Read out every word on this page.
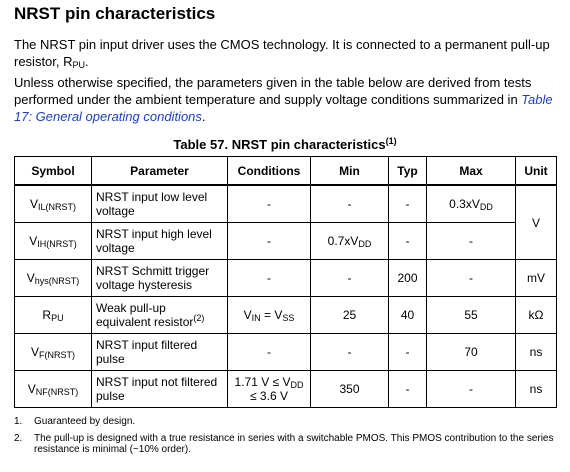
NRST pin characteristics

The NRST pin input driver uses the CMOS technology. It is connected to a permanent pull-up resistor, $R_{PU}$.

Unless otherwise specified, the parameters given in the table below are derived from tests performed under the ambient temperature and supply voltage conditions summarized in Table 17: General operating conditions.

Table 57. NRST pin characteristics$^{(1)}$
Symbol	Parameter	Conditions	Min	Typ	Max	Unit
$V_{IL(NRST)}$	NRST input low level voltage	-	-	-	$0.3xV_{DD}$	V
$V_{IH(NRST)}$	NRST input high level voltage	-	$0.7xV_{DD}$	-	-	
$V_{hys(NRST)}$	NRST Schmitt trigger voltage hysteresis	-	-	200	-	mV
$R_{PU}$	Weak pull-up equivalent resistor$^{(2)}$	$V_{IN} = V_{SS}$	25	40	55	kΩ
$V_{F(NRST)}$	NRST input filtered pulse	-	-	-	70	ns
$V_{NF(NRST)}$	NRST input not filtered pulse	1.71 $V \le V_{DD}$
≤ 3.6 V	350	-	-	ns
1. Guaranteed by design.
2. The pull-up is designed with a true resistance in series with a switchable PMOS. This PMOS contribution to the series resistance is minimal (~10% order).
